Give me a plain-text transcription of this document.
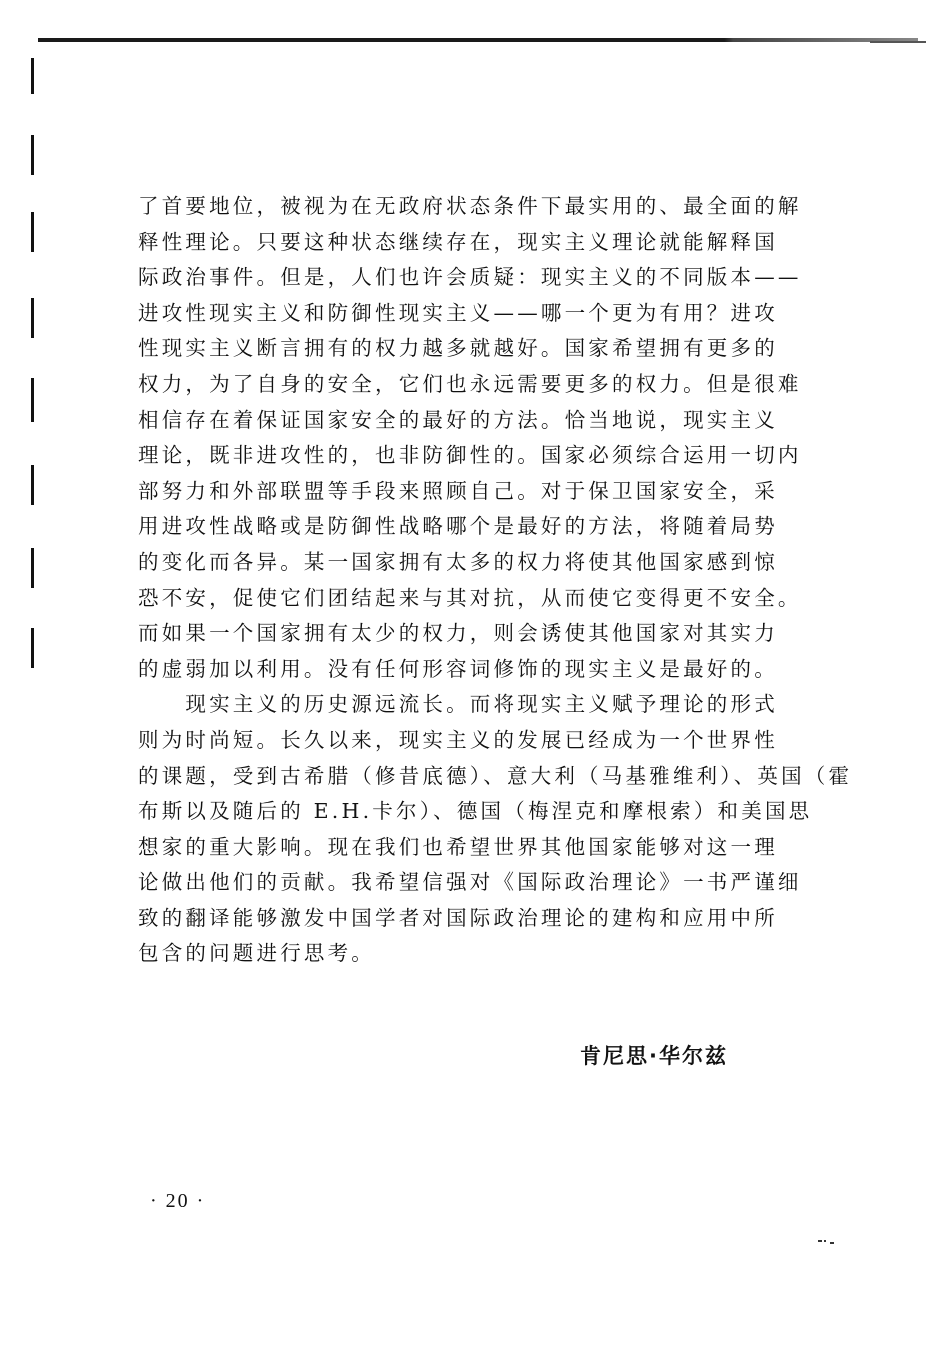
了首要地位，被视为在无政府状态条件下最实用的、最全面的解
释性理论。只要这种状态继续存在，现实主义理论就能解释国
际政治事件。但是，人们也许会质疑：现实主义的不同版本——
进攻性现实主义和防御性现实主义——哪一个更为有用？进攻
性现实主义断言拥有的权力越多就越好。国家希望拥有更多的
权力，为了自身的安全，它们也永远需要更多的权力。但是很难
相信存在着保证国家安全的最好的方法。恰当地说，现实主义
理论，既非进攻性的，也非防御性的。国家必须综合运用一切内
部努力和外部联盟等手段来照顾自己。对于保卫国家安全，采
用进攻性战略或是防御性战略哪个是最好的方法，将随着局势
的变化而各异。某一国家拥有太多的权力将使其他国家感到惊
恐不安，促使它们团结起来与其对抗，从而使它变得更不安全。
而如果一个国家拥有太少的权力，则会诱使其他国家对其实力
的虚弱加以利用。没有任何形容词修饰的现实主义是最好的。
　　现实主义的历史源远流长。而将现实主义赋予理论的形式
则为时尚短。长久以来，现实主义的发展已经成为一个世界性
的课题，受到古希腊（修昔底德）、意大利（马基雅维利）、英国（霍
布斯以及随后的 E.H.卡尔）、德国（梅涅克和摩根索）和美国思
想家的重大影响。现在我们也希望世界其他国家能够对这一理
论做出他们的贡献。我希望信强对《国际政治理论》一书严谨细
致的翻译能够激发中国学者对国际政治理论的建构和应用中所
包含的问题进行思考。
肯尼思·华尔兹
· 20 ·
